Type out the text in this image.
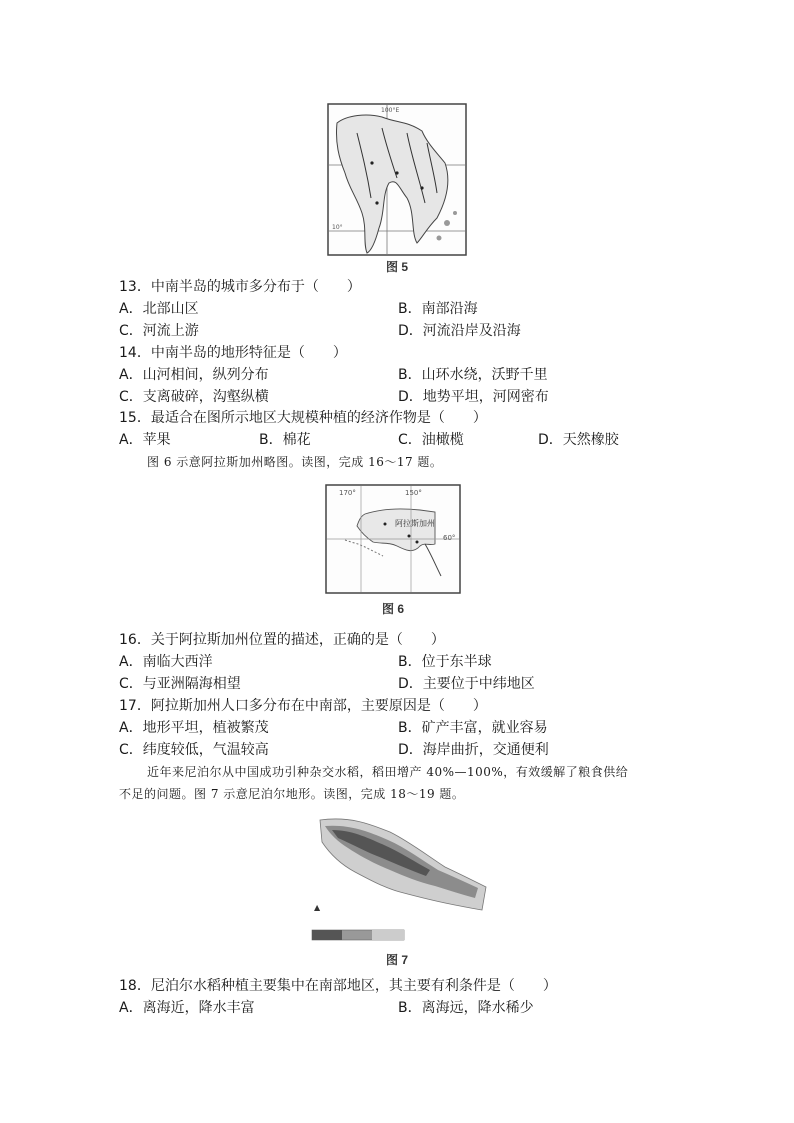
100°E
10°
图 5
13．中南半岛的城市多分布于（　　）
A．北部山区	B．南部沿海
C．河流上游	D．河流沿岸及沿海
14．中南半岛的地形特征是（　　）
A．山河相间，纵列分布	B．山环水绕，沃野千里
C．支离破碎，沟壑纵横	D．地势平坦，河网密布
15．最适合在图所示地区大规模种植的经济作物是（　　）
A．苹果	B．棉花	C．油橄榄	D．天然橡胶
图 6 示意阿拉斯加州略图。读图，完成 16～17 题。
170°	150°
60°
阿拉斯加州
图 6
16．关于阿拉斯加州位置的描述，正确的是（　　）
A．南临大西洋	B．位于东半球
C．与亚洲隔海相望	D．主要位于中纬地区
17．阿拉斯加州人口多分布在中南部，主要原因是（　　）
A．地形平坦，植被繁茂	B．矿产丰富，就业容易
C．纬度较低，气温较高	D．海岸曲折，交通便利
近年来尼泊尔从中国成功引种杂交水稻，稻田增产 40%—100%，有效缓解了粮食供给
不足的问题。图 7 示意尼泊尔地形。读图，完成 18～19 题。
▲
图 7
18．尼泊尔水稻种植主要集中在南部地区，其主要有利条件是（　　）
A．离海近，降水丰富	B．离海远，降水稀少
